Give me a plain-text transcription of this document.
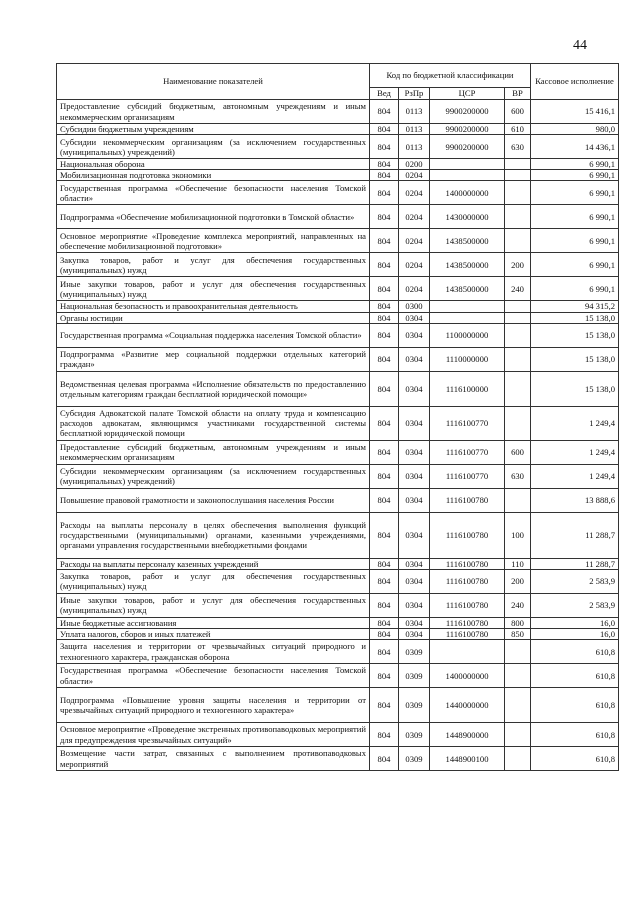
44
Наименование показателей	Код по бюджетной классификации				Кассовое исполнение
	Вед	РзПр	ЦСР	ВР	
Предоставление субсидий бюджетным, автономным учреждениям и иным некоммерческим организациям	804	0113	9900200000	600	15 416,1
Субсидии бюджетным учреждениям	804	0113	9900200000	610	980,0
Субсидии некоммерческим организациям (за исключением государственных (муниципальных) учреждений)	804	0113	9900200000	630	14 436,1
Национальная оборона	804	0200			6 990,1
Мобилизационная подготовка экономики	804	0204			6 990,1
Государственная программа «Обеспечение безопасности населения Томской области»	804	0204	1400000000		6 990,1
Подпрограмма «Обеспечение мобилизационной подготовки в Томской области»	804	0204	1430000000		6 990,1
Основное мероприятие «Проведение комплекса мероприятий, направленных на обеспечение мобилизационной подготовки»	804	0204	1438500000		6 990,1
Закупка товаров, работ и услуг для обеспечения государственных (муниципальных) нужд	804	0204	1438500000	200	6 990,1
Иные закупки товаров, работ и услуг для обеспечения государственных (муниципальных) нужд	804	0204	1438500000	240	6 990,1
Национальная безопасность и правоохранительная деятельность	804	0300			94 315,2
Органы юстиции	804	0304			15 138,0
Государственная программа «Социальная поддержка населения Томской области»	804	0304	1100000000		15 138,0
Подпрограмма «Развитие мер социальной поддержки отдельных категорий граждан»	804	0304	1110000000		15 138,0
Ведомственная целевая программа «Исполнение обязательств по предоставлению отдельным категориям граждан бесплатной юридической помощи»	804	0304	1116100000		15 138,0
Субсидия Адвокатской палате Томской области на оплату труда и компенсацию расходов адвокатам, являющимся участниками государственной системы бесплатной юридической помощи	804	0304	1116100770		1 249,4
Предоставление субсидий бюджетным, автономным учреждениям и иным некоммерческим организациям	804	0304	1116100770	600	1 249,4
Субсидии некоммерческим организациям (за исключением государственных (муниципальных) учреждений)	804	0304	1116100770	630	1 249,4
Повышение правовой грамотности и законопослушания населения России	804	0304	1116100780		13 888,6
Расходы на выплаты персоналу в целях обеспечения выполнения функций государственными (муниципальными) органами, казенными учреждениями, органами управления государственными внебюджетными фондами	804	0304	1116100780	100	11 288,7
Расходы на выплаты персоналу казенных учреждений	804	0304	1116100780	110	11 288,7
Закупка товаров, работ и услуг для обеспечения государственных (муниципальных) нужд	804	0304	1116100780	200	2 583,9
Иные закупки товаров, работ и услуг для обеспечения государственных (муниципальных) нужд	804	0304	1116100780	240	2 583,9
Иные бюджетные ассигнования	804	0304	1116100780	800	16,0
Уплата налогов, сборов и иных платежей	804	0304	1116100780	850	16,0
Защита населения и территории от чрезвычайных ситуаций природного и техногенного характера, гражданская оборона	804	0309			610,8
Государственная программа «Обеспечение безопасности населения Томской области»	804	0309	1400000000		610,8
Подпрограмма «Повышение уровня защиты населения и территории от чрезвычайных ситуаций природного и техногенного характера»	804	0309	1440000000		610,8
Основное мероприятие «Проведение экстренных противопаводковых мероприятий для предупреждения чрезвычайных ситуаций»	804	0309	1448900000		610,8
Возмещение части затрат, связанных с выполнением противопаводковых мероприятий	804	0309	1448900100		610,8
